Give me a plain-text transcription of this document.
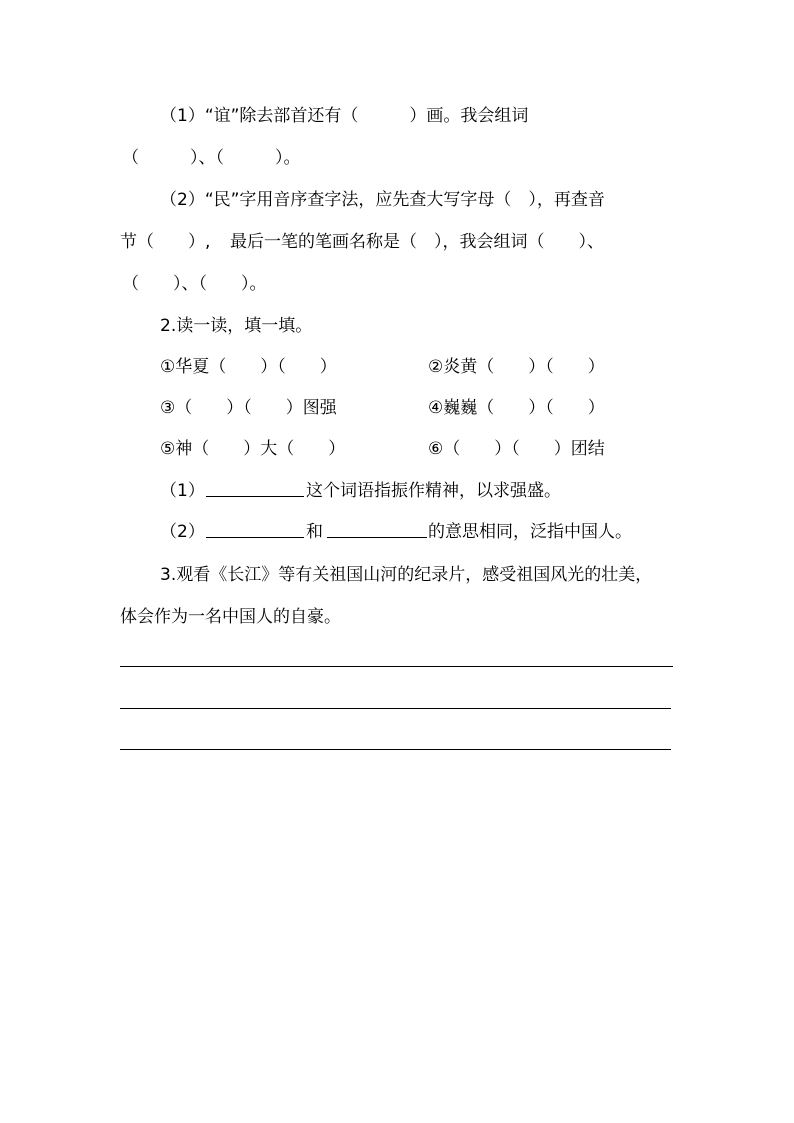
（1）“谊”除去部首还有（　　　）画。我会组词
（　　　）、（　　　）。
（2）“民”字用音序查字法，应先查大写字母（　），再查音
节（　　）, 最后一笔的笔画名称是（　），我会组词（　　）、
（　　）、（　　）。
2.读一读，填一填。
①华夏（　　）（　　）	②炎黄（　　）（　　）
③（　　）（　　）图强	④巍巍（　　）（　　）
⑤神（　　）大（　　）	⑥（　　）（　　）团结
（1）	这个词语指振作精神，以求强盛。
（2）	和	的意思相同，泛指中国人。
3.观看《长江》等有关祖国山河的纪录片，感受祖国风光的壮美，
体会作为一名中国人的自豪。
